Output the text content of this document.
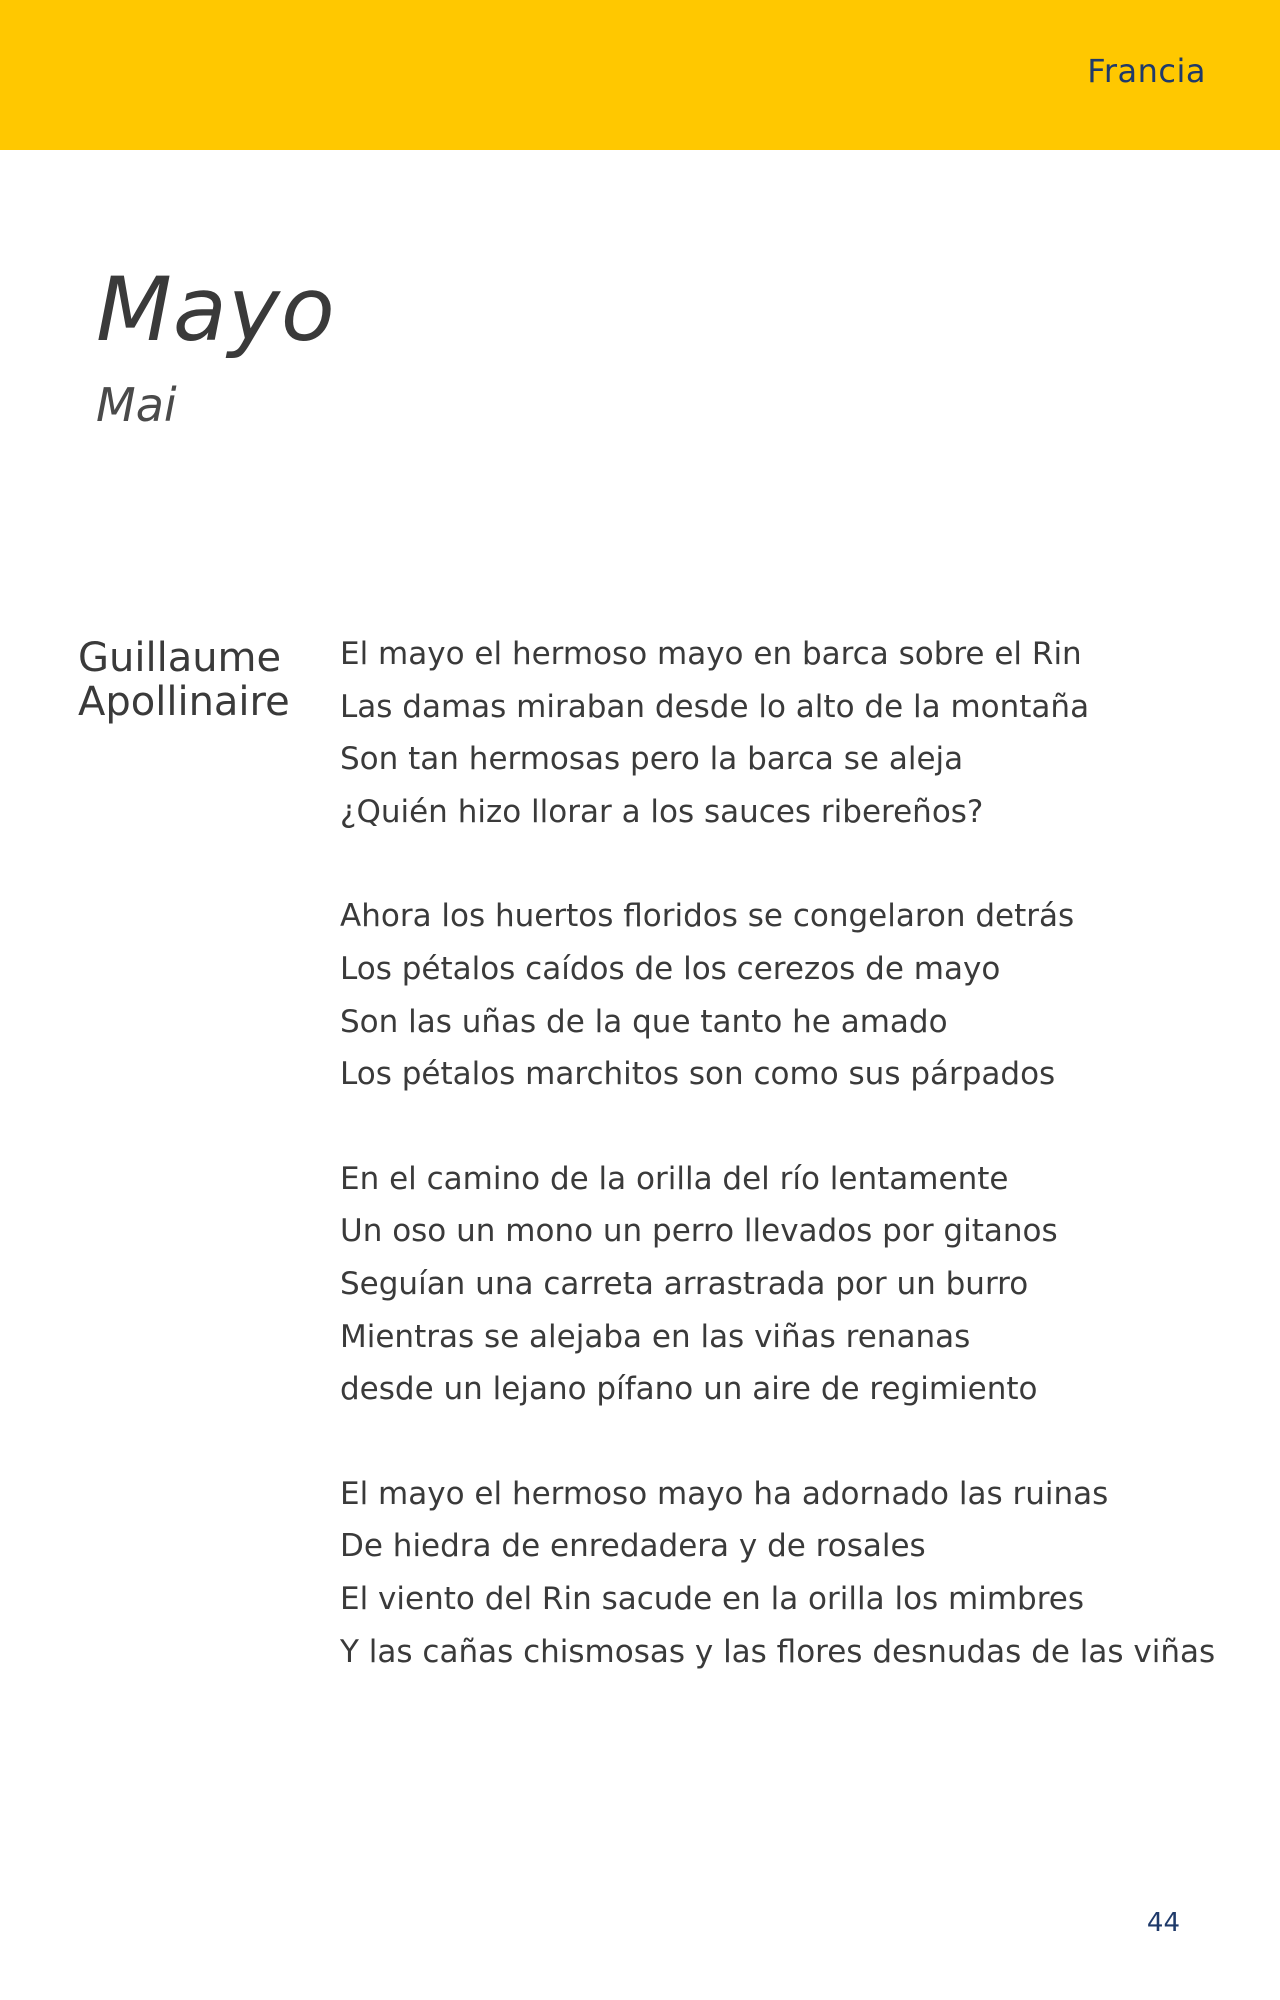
Francia
Mayo
Mai
Guillaume
Apollinaire
El mayo el hermoso mayo en barca sobre el Rin
Las damas miraban desde lo alto de la montaña
Son tan hermosas pero la barca se aleja
¿Quién hizo llorar a los sauces ribereños?
Ahora los huertos floridos se congelaron detrás
Los pétalos caídos de los cerezos de mayo
Son las uñas de la que tanto he amado
Los pétalos marchitos son como sus párpados
En el camino de la orilla del río lentamente
Un oso un mono un perro llevados por gitanos
Seguían una carreta arrastrada por un burro
Mientras se alejaba en las viñas renanas
desde un lejano pífano un aire de regimiento
El mayo el hermoso mayo ha adornado las ruinas
De hiedra de enredadera y de rosales
El viento del Rin sacude en la orilla los mimbres
Y las cañas chismosas y las flores desnudas de las viñas
44
